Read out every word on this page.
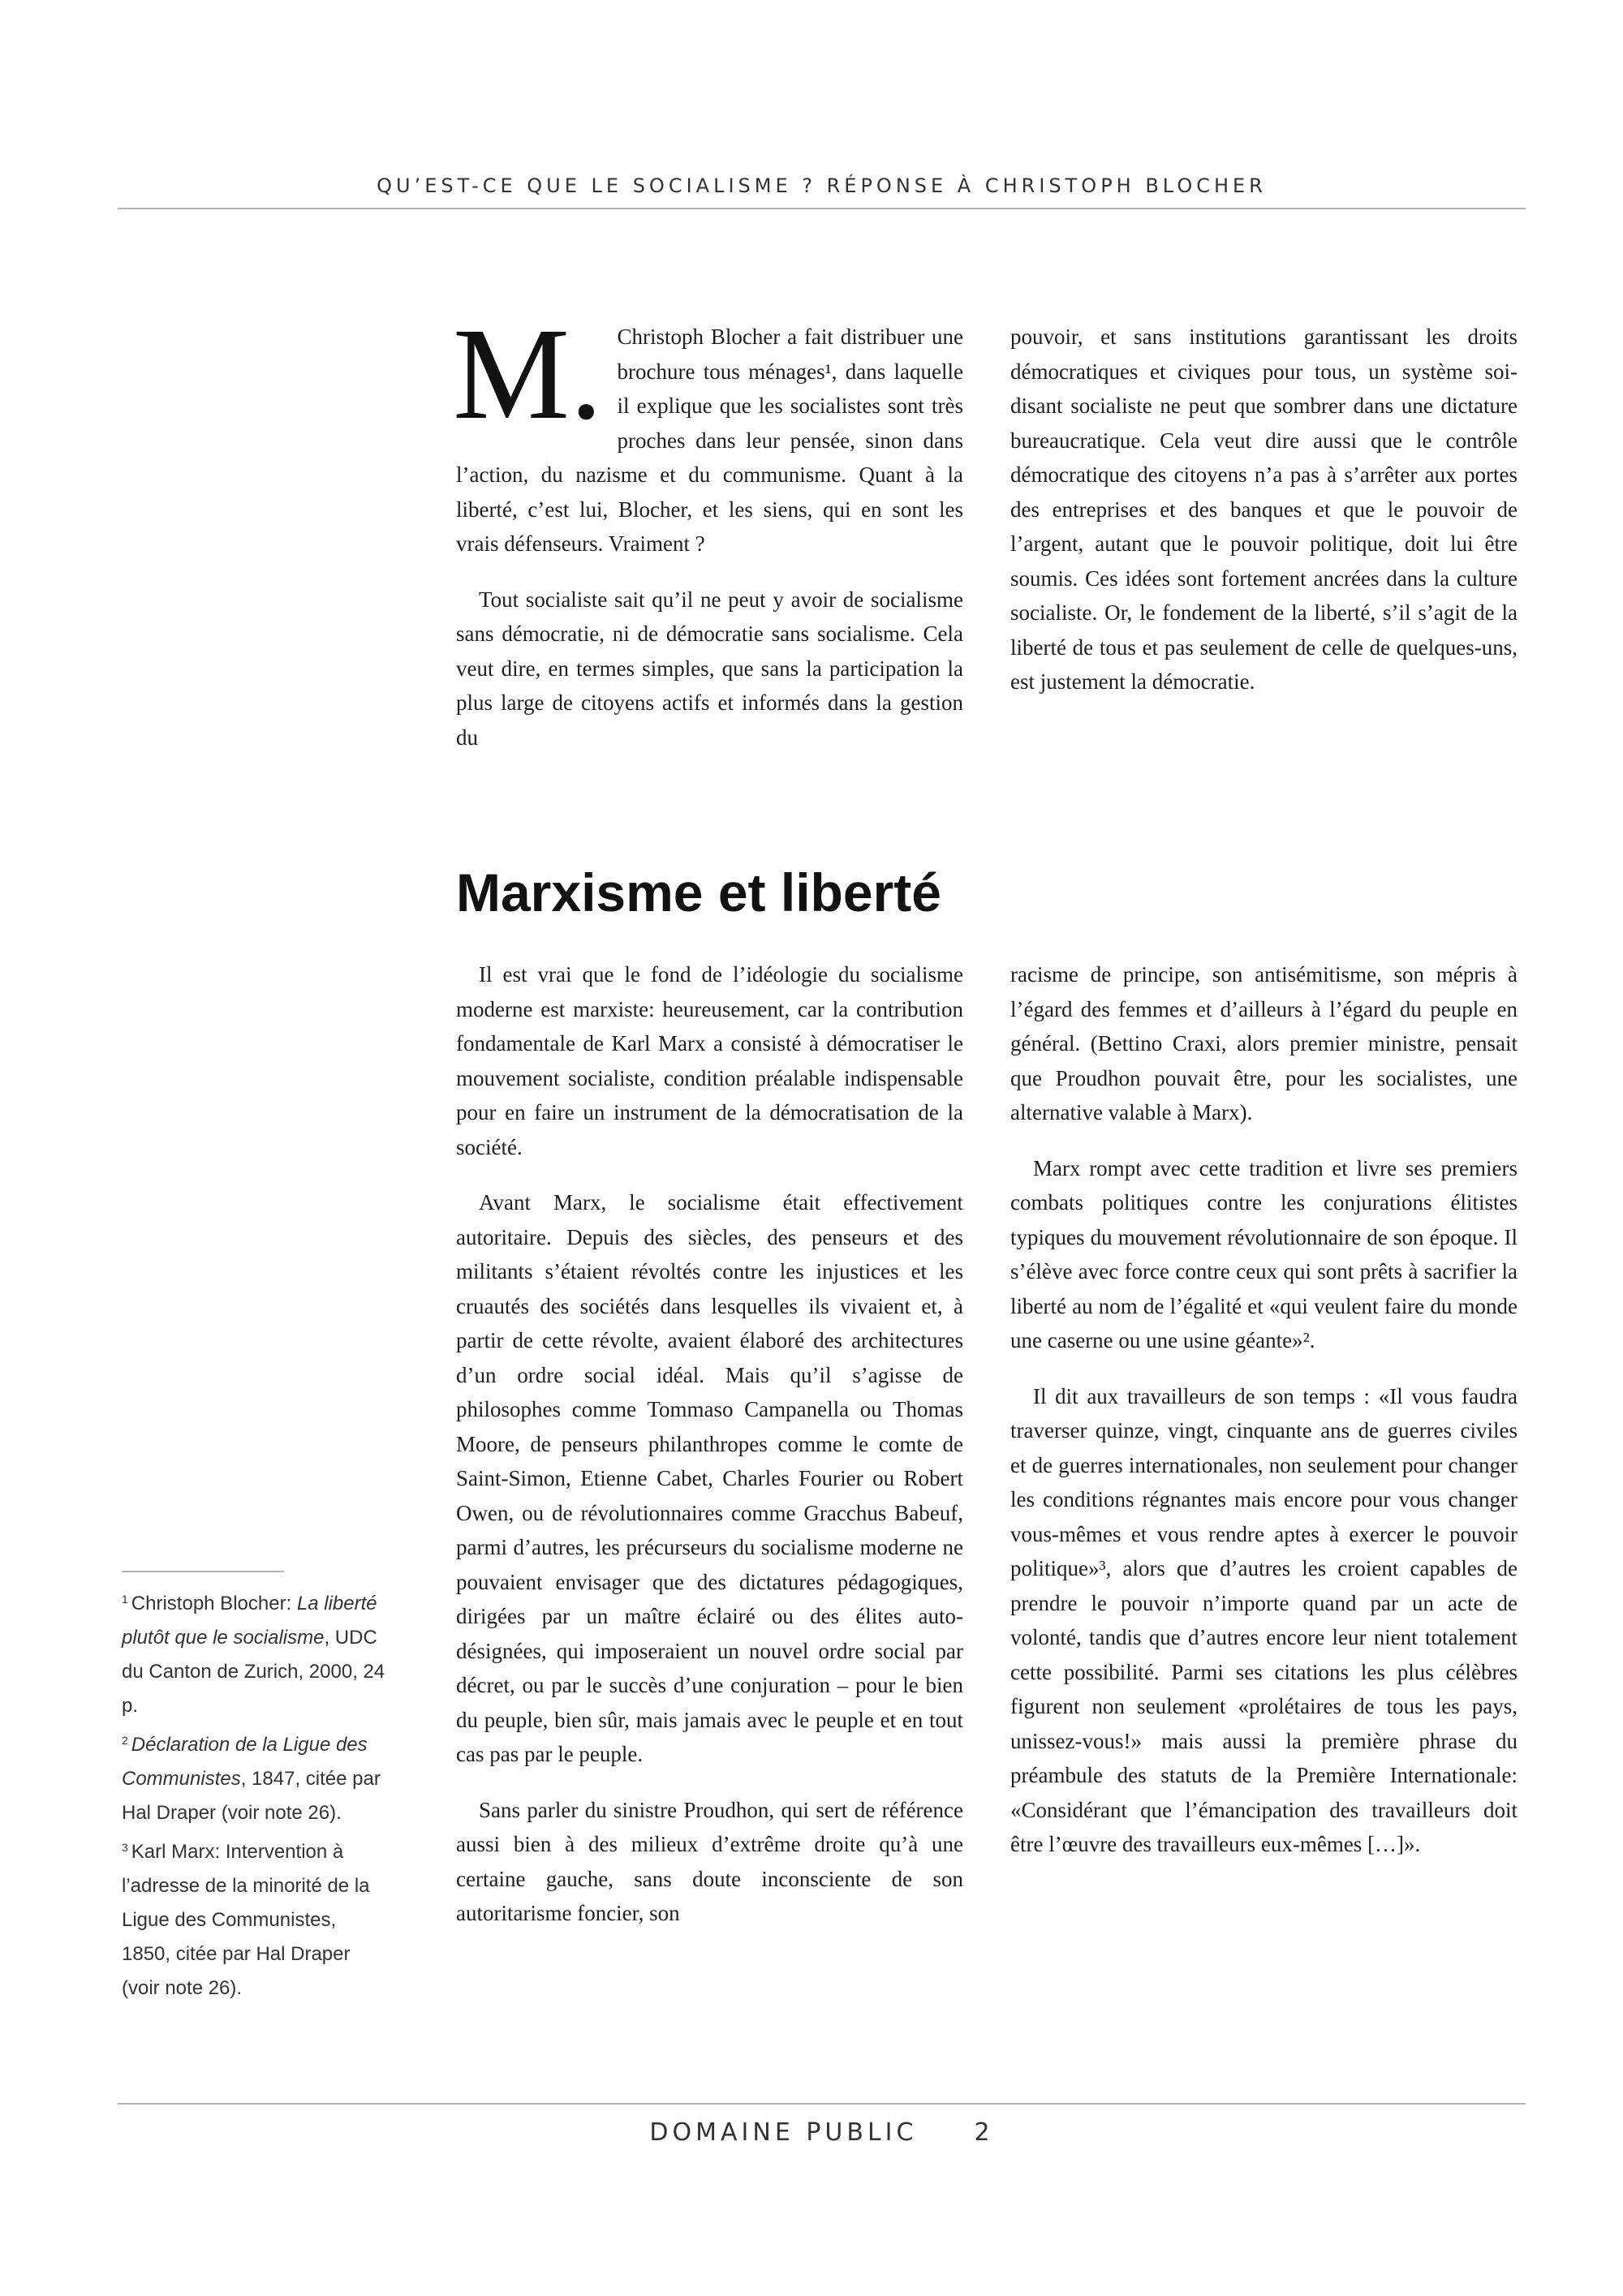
QU’EST-CE QUE LE SOCIALISME ? RÉPONSE À CHRISTOPH BLOCHER
M. Christoph Blocher a fait distribuer une brochure tous ménages¹, dans laquelle il explique que les socialistes sont très proches dans leur pensée, sinon dans l’action, du nazisme et du communisme. Quant à la liberté, c’est lui, Blocher, et les siens, qui en sont les vrais défenseurs. Vraiment ?

Tout socialiste sait qu’il ne peut y avoir de socialisme sans démocratie, ni de démocratie sans socialisme. Cela veut dire, en termes simples, que sans la participation la plus large de citoyens actifs et informés dans la gestion du

pouvoir, et sans institutions garantissant les droits démocratiques et civiques pour tous, un système soi-disant socialiste ne peut que sombrer dans une dictature bureaucratique. Cela veut dire aussi que le contrôle démocratique des citoyens n’a pas à s’arrêter aux portes des entreprises et des banques et que le pouvoir de l’argent, autant que le pouvoir politique, doit lui être soumis. Ces idées sont fortement ancrées dans la culture socialiste. Or, le fondement de la liberté, s’il s’agit de la liberté de tous et pas seulement de celle de quelques-uns, est justement la démocratie.

Marxisme et liberté

Il est vrai que le fond de l’idéologie du socialisme moderne est marxiste: heureusement, car la contribution fondamentale de Karl Marx a consisté à démocratiser le mouvement socialiste, condition préalable indispensable pour en faire un instrument de la démocratisation de la société.

Avant Marx, le socialisme était effectivement autoritaire. Depuis des siècles, des penseurs et des militants s’étaient révoltés contre les injustices et les cruautés des sociétés dans lesquelles ils vivaient et, à partir de cette révolte, avaient élaboré des architectures d’un ordre social idéal. Mais qu’il s’agisse de philosophes comme Tommaso Campanella ou Thomas Moore, de penseurs philanthropes comme le comte de Saint-Simon, Etienne Cabet, Charles Fourier ou Robert Owen, ou de révolutionnaires comme Gracchus Babeuf, parmi d’autres, les précurseurs du socialisme moderne ne pouvaient envisager que des dictatures pédagogiques, dirigées par un maître éclairé ou des élites auto-désignées, qui imposeraient un nouvel ordre social par décret, ou par le succès d’une conjuration – pour le bien du peuple, bien sûr, mais jamais avec le peuple et en tout cas pas par le peuple.

Sans parler du sinistre Proudhon, qui sert de référence aussi bien à des milieux d’extrême droite qu’à une certaine gauche, sans doute inconsciente de son autoritarisme foncier, son

racisme de principe, son antisémitisme, son mépris à l’égard des femmes et d’ailleurs à l’égard du peuple en général. (Bettino Craxi, alors premier ministre, pensait que Proudhon pouvait être, pour les socialistes, une alternative valable à Marx).

Marx rompt avec cette tradition et livre ses premiers combats politiques contre les conjurations élitistes typiques du mouvement révolutionnaire de son époque. Il s’élève avec force contre ceux qui sont prêts à sacrifier la liberté au nom de l’égalité et «qui veulent faire du monde une caserne ou une usine géante»².

Il dit aux travailleurs de son temps : «Il vous faudra traverser quinze, vingt, cinquante ans de guerres civiles et de guerres internationales, non seulement pour changer les conditions régnantes mais encore pour vous changer vous-mêmes et vous rendre aptes à exercer le pouvoir politique»³, alors que d’autres les croient capables de prendre le pouvoir n’importe quand par un acte de volonté, tandis que d’autres encore leur nient totalement cette possibilité. Parmi ses citations les plus célèbres figurent non seulement «prolétaires de tous les pays, unissez-vous!» mais aussi la première phrase du préambule des statuts de la Première Internationale: «Considérant que l’émancipation des travailleurs doit être l’œuvre des travailleurs eux-mêmes […]».

$^1$ Christoph Blocher: La liberté plutôt que le socialisme, UDC du Canton de Zurich, 2000, 24 p.

$^2$ Déclaration de la Ligue des Communistes, 1847, citée par Hal Draper (voir note 26).

$^3$ Karl Marx: Intervention à l’adresse de la minorité de la Ligue des Communistes, 1850, citée par Hal Draper (voir note 26).

DOMAINE PUBLIC 2
